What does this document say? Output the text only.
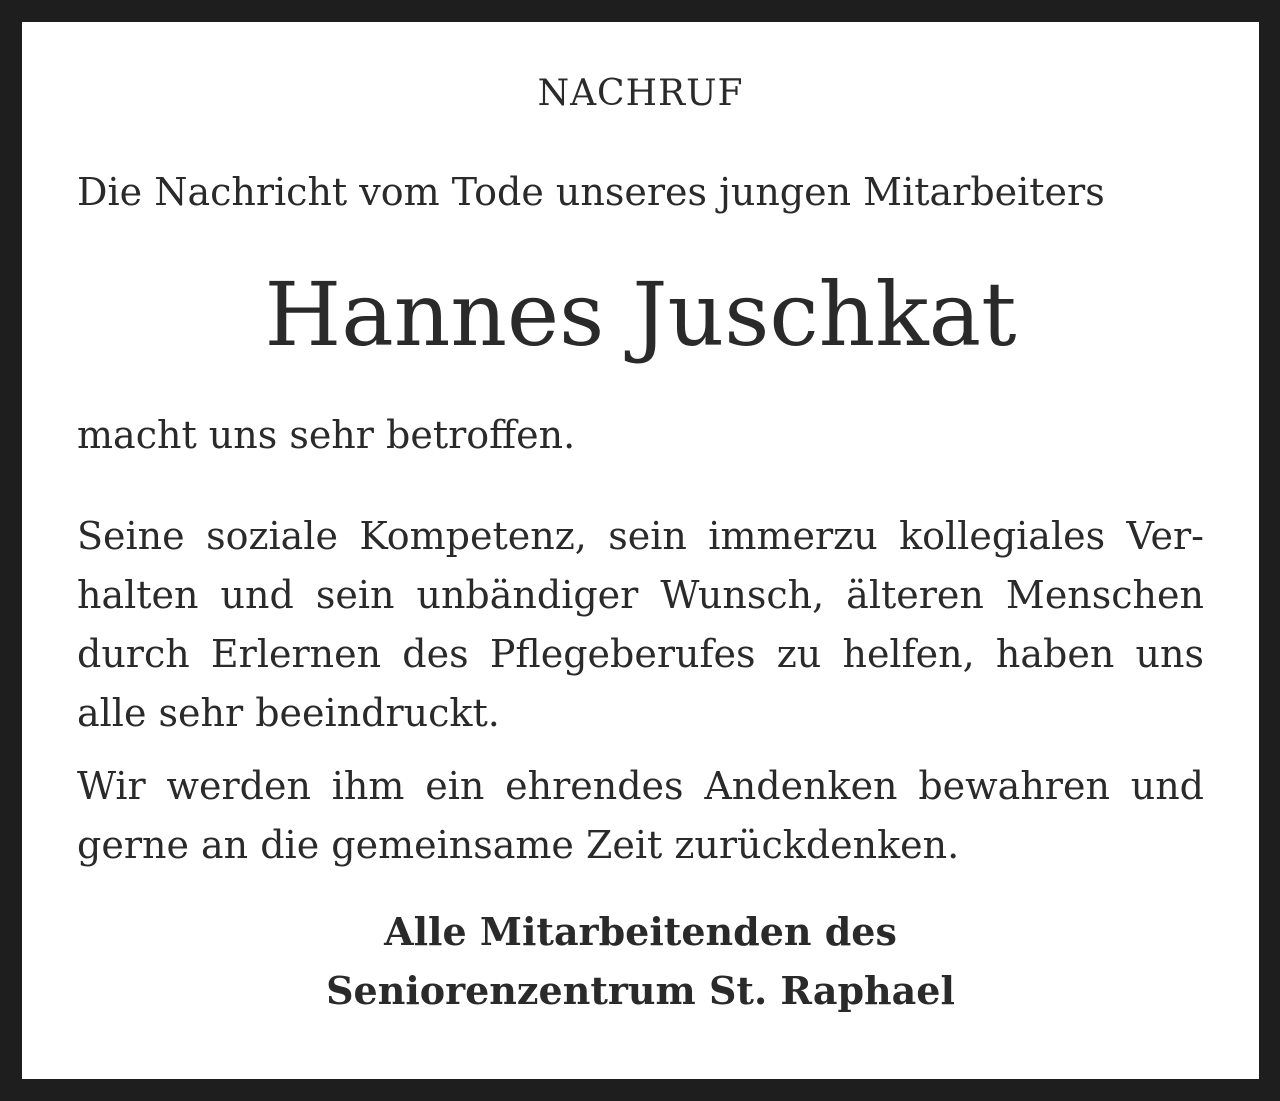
NACHRUF

Die Nachricht vom Tode unseres jungen Mitarbeiters

Hannes Juschkat

macht uns sehr betroffen.

Seine soziale Kompetenz, sein immerzu kollegiales Ver-
halten und sein unbändiger Wunsch, älteren Menschen
durch Erlernen des Pflegeberufes zu helfen, haben uns
alle sehr beeindruckt.

Wir werden ihm ein ehrendes Andenken bewahren und
gerne an die gemeinsame Zeit zurückdenken.

Alle Mitarbeitenden des

Seniorenzentrum St. Raphael
